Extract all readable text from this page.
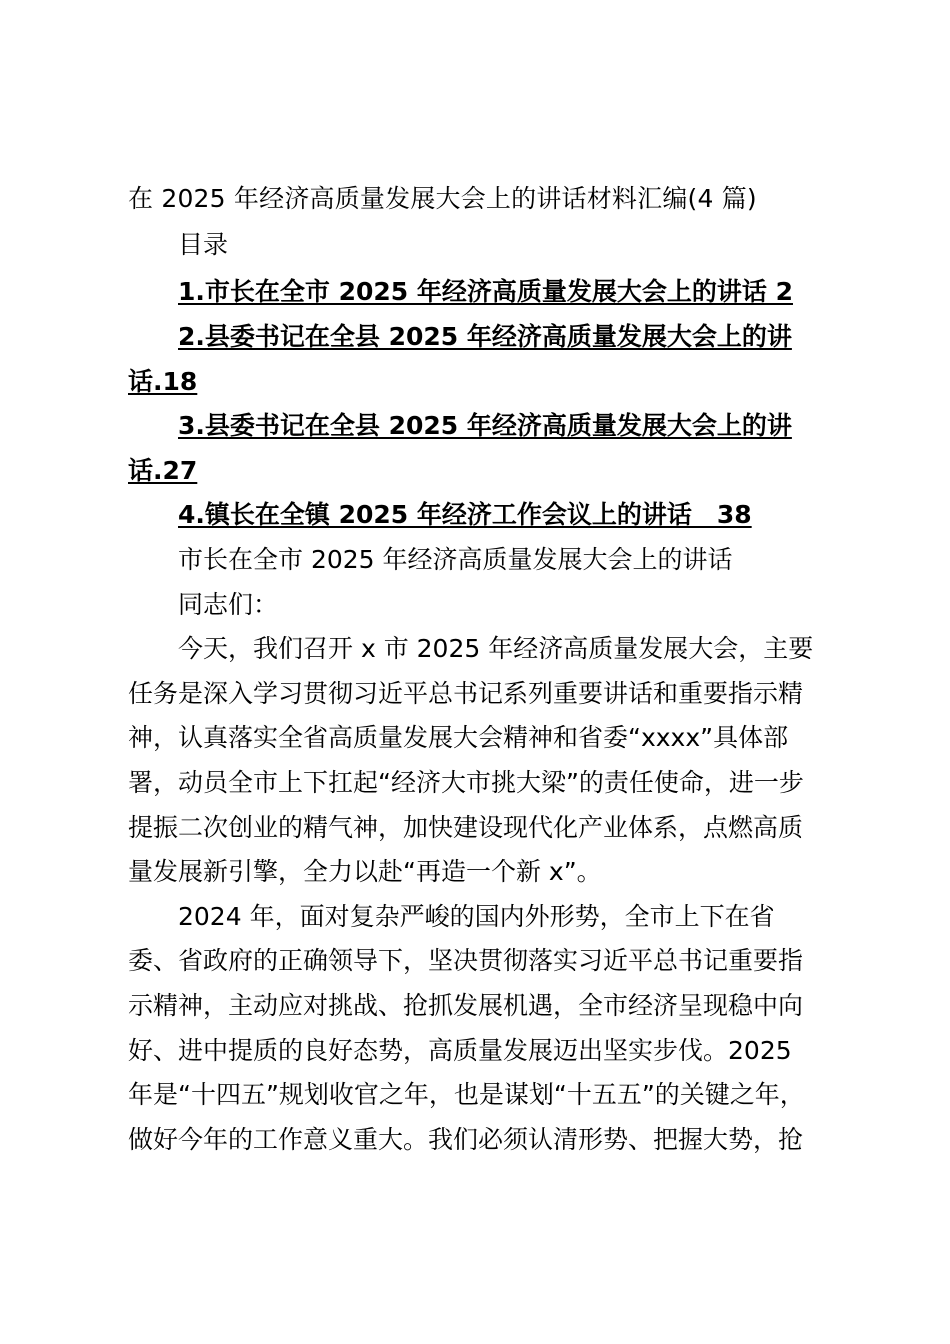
在 2025 年经济高质量发展大会上的讲话材料汇编(4 篇)
目录
1.市长在全市 2025 年经济高质量发展大会上的讲话 2
2.县委书记在全县 2025 年经济高质量发展大会上的讲
话.18
3.县委书记在全县 2025 年经济高质量发展大会上的讲
话.27
4.镇长在全镇 2025 年经济工作会议上的讲话　38
市长在全市 2025 年经济高质量发展大会上的讲话
同志们：
今天，我们召开 x 市 2025 年经济高质量发展大会，主要
任务是深入学习贯彻习近平总书记系列重要讲话和重要指示精
神，认真落实全省高质量发展大会精神和省委“xxxx”具体部
署，动员全市上下扛起“经济大市挑大梁”的责任使命，进一步
提振二次创业的精气神，加快建设现代化产业体系，点燃高质
量发展新引擎，全力以赴“再造一个新 x”。
2024 年，面对复杂严峻的国内外形势，全市上下在省
委、省政府的正确领导下，坚决贯彻落实习近平总书记重要指
示精神，主动应对挑战、抢抓发展机遇，全市经济呈现稳中向
好、进中提质的良好态势，高质量发展迈出坚实步伐。2025
年是“十四五”规划收官之年，也是谋划“十五五”的关键之年，
做好今年的工作意义重大。我们必须认清形势、把握大势，抢
